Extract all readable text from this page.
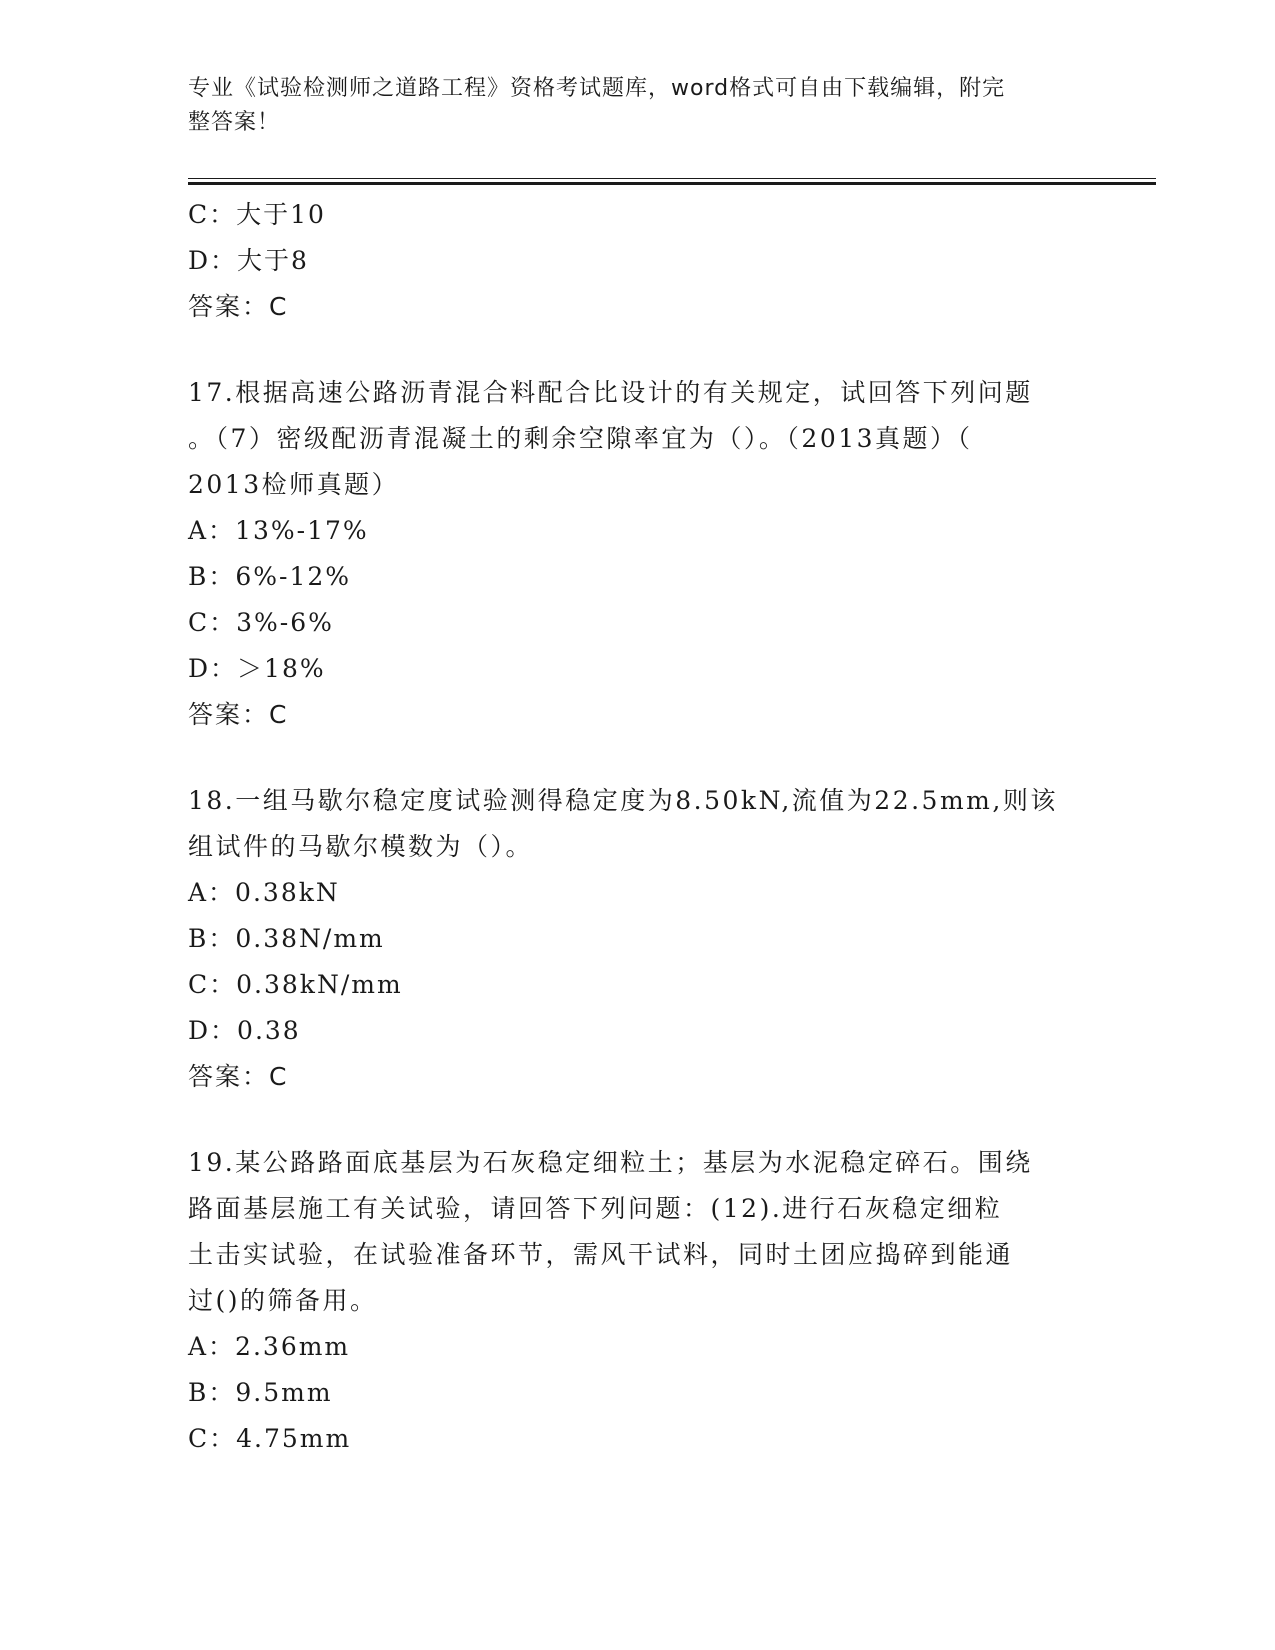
专业《试验检测师之道路工程》资格考试题库，word格式可自由下载编辑，附完
整答案！
C：大于10
D：大于8
答案：C
17.根据高速公路沥青混合料配合比设计的有关规定，试回答下列问题
。（7）密级配沥青混凝土的剩余空隙率宜为（）。（2013真题）（
2013检师真题）
A：13%-17%
B：6%-12%
C：3%-6%
D：＞18%
答案：C
18.一组马歇尔稳定度试验测得稳定度为8.50kN,流值为22.5mm,则该
组试件的马歇尔模数为（）。
A：0.38kN
B：0.38N/mm
C：0.38kN/mm
D：0.38
答案：C
19.某公路路面底基层为石灰稳定细粒土；基层为水泥稳定碎石。围绕
路面基层施工有关试验，请回答下列问题：(12).进行石灰稳定细粒
土击实试验，在试验准备环节，需风干试料，同时土团应捣碎到能通
过()的筛备用。
A：2.36mm
B：9.5mm
C：4.75mm
